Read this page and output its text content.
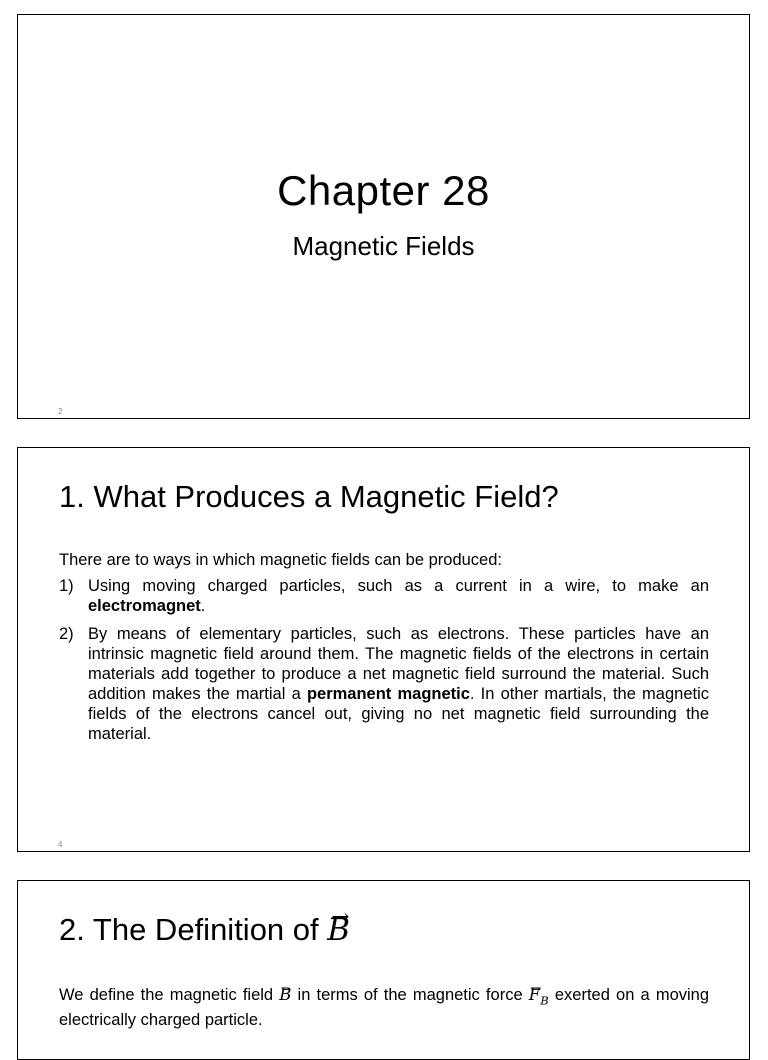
Chapter 28
Magnetic Fields
2
1. What Produces a Magnetic Field?

There are to ways in which magnetic fields can be produced:

1) Using moving charged particles, such as a current in a wire, to make an electromagnet.
2) By means of elementary particles, such as electrons. These particles have an intrinsic magnetic field around them. The magnetic fields of the electrons in certain materials add together to produce a net magnetic field surround the material. Such addition makes the martial a permanent magnetic. In other martials, the magnetic fields of the electrons cancel out, giving no net magnetic field surrounding the material.
4
2. The Definition of → B
We define the magnetic field → B in terms of the magnetic force → $F_B$ exerted on a moving electrically charged particle.
